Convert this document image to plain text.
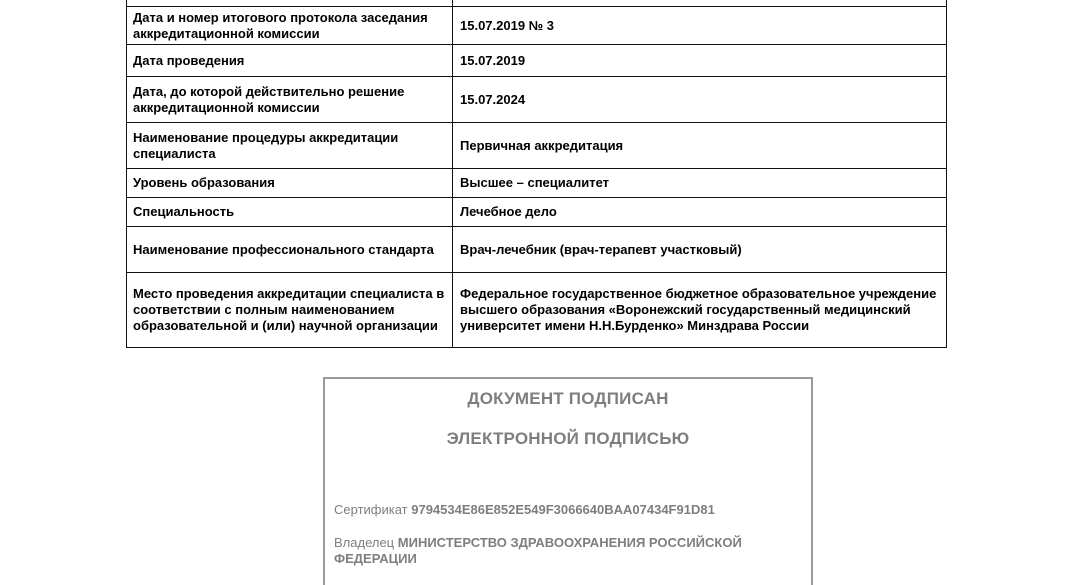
Дата и номер итогового протокола заседания аккредитационной комиссии	15.07.2019 № 3
Дата проведения	15.07.2019
Дата, до которой действительно решение аккредитационной комиссии	15.07.2024
Наименование процедуры аккредитации специалиста	Первичная аккредитация
Уровень образования	Высшее – специалитет
Специальность	Лечебное дело
Наименование профессионального стандарта	Врач-лечебник (врач-терапевт участковый)
Место проведения аккредитации специалиста в соответствии с полным наименованием образовательной и (или) научной организации	Федеральное государственное бюджетное образовательное учреждение высшего образования «Воронежский государственный медицинский университет имени Н.Н.Бурденко» Минздрава России
ДОКУМЕНТ ПОДПИСАН
ЭЛЕКТРОННОЙ ПОДПИСЬЮ
Сертификат 9794534E86E852E549F3066640BAA07434F91D81
Владелец МИНИСТЕРСТВО ЗДРАВООХРАНЕНИЯ РОССИЙСКОЙ ФЕДЕРАЦИИ
